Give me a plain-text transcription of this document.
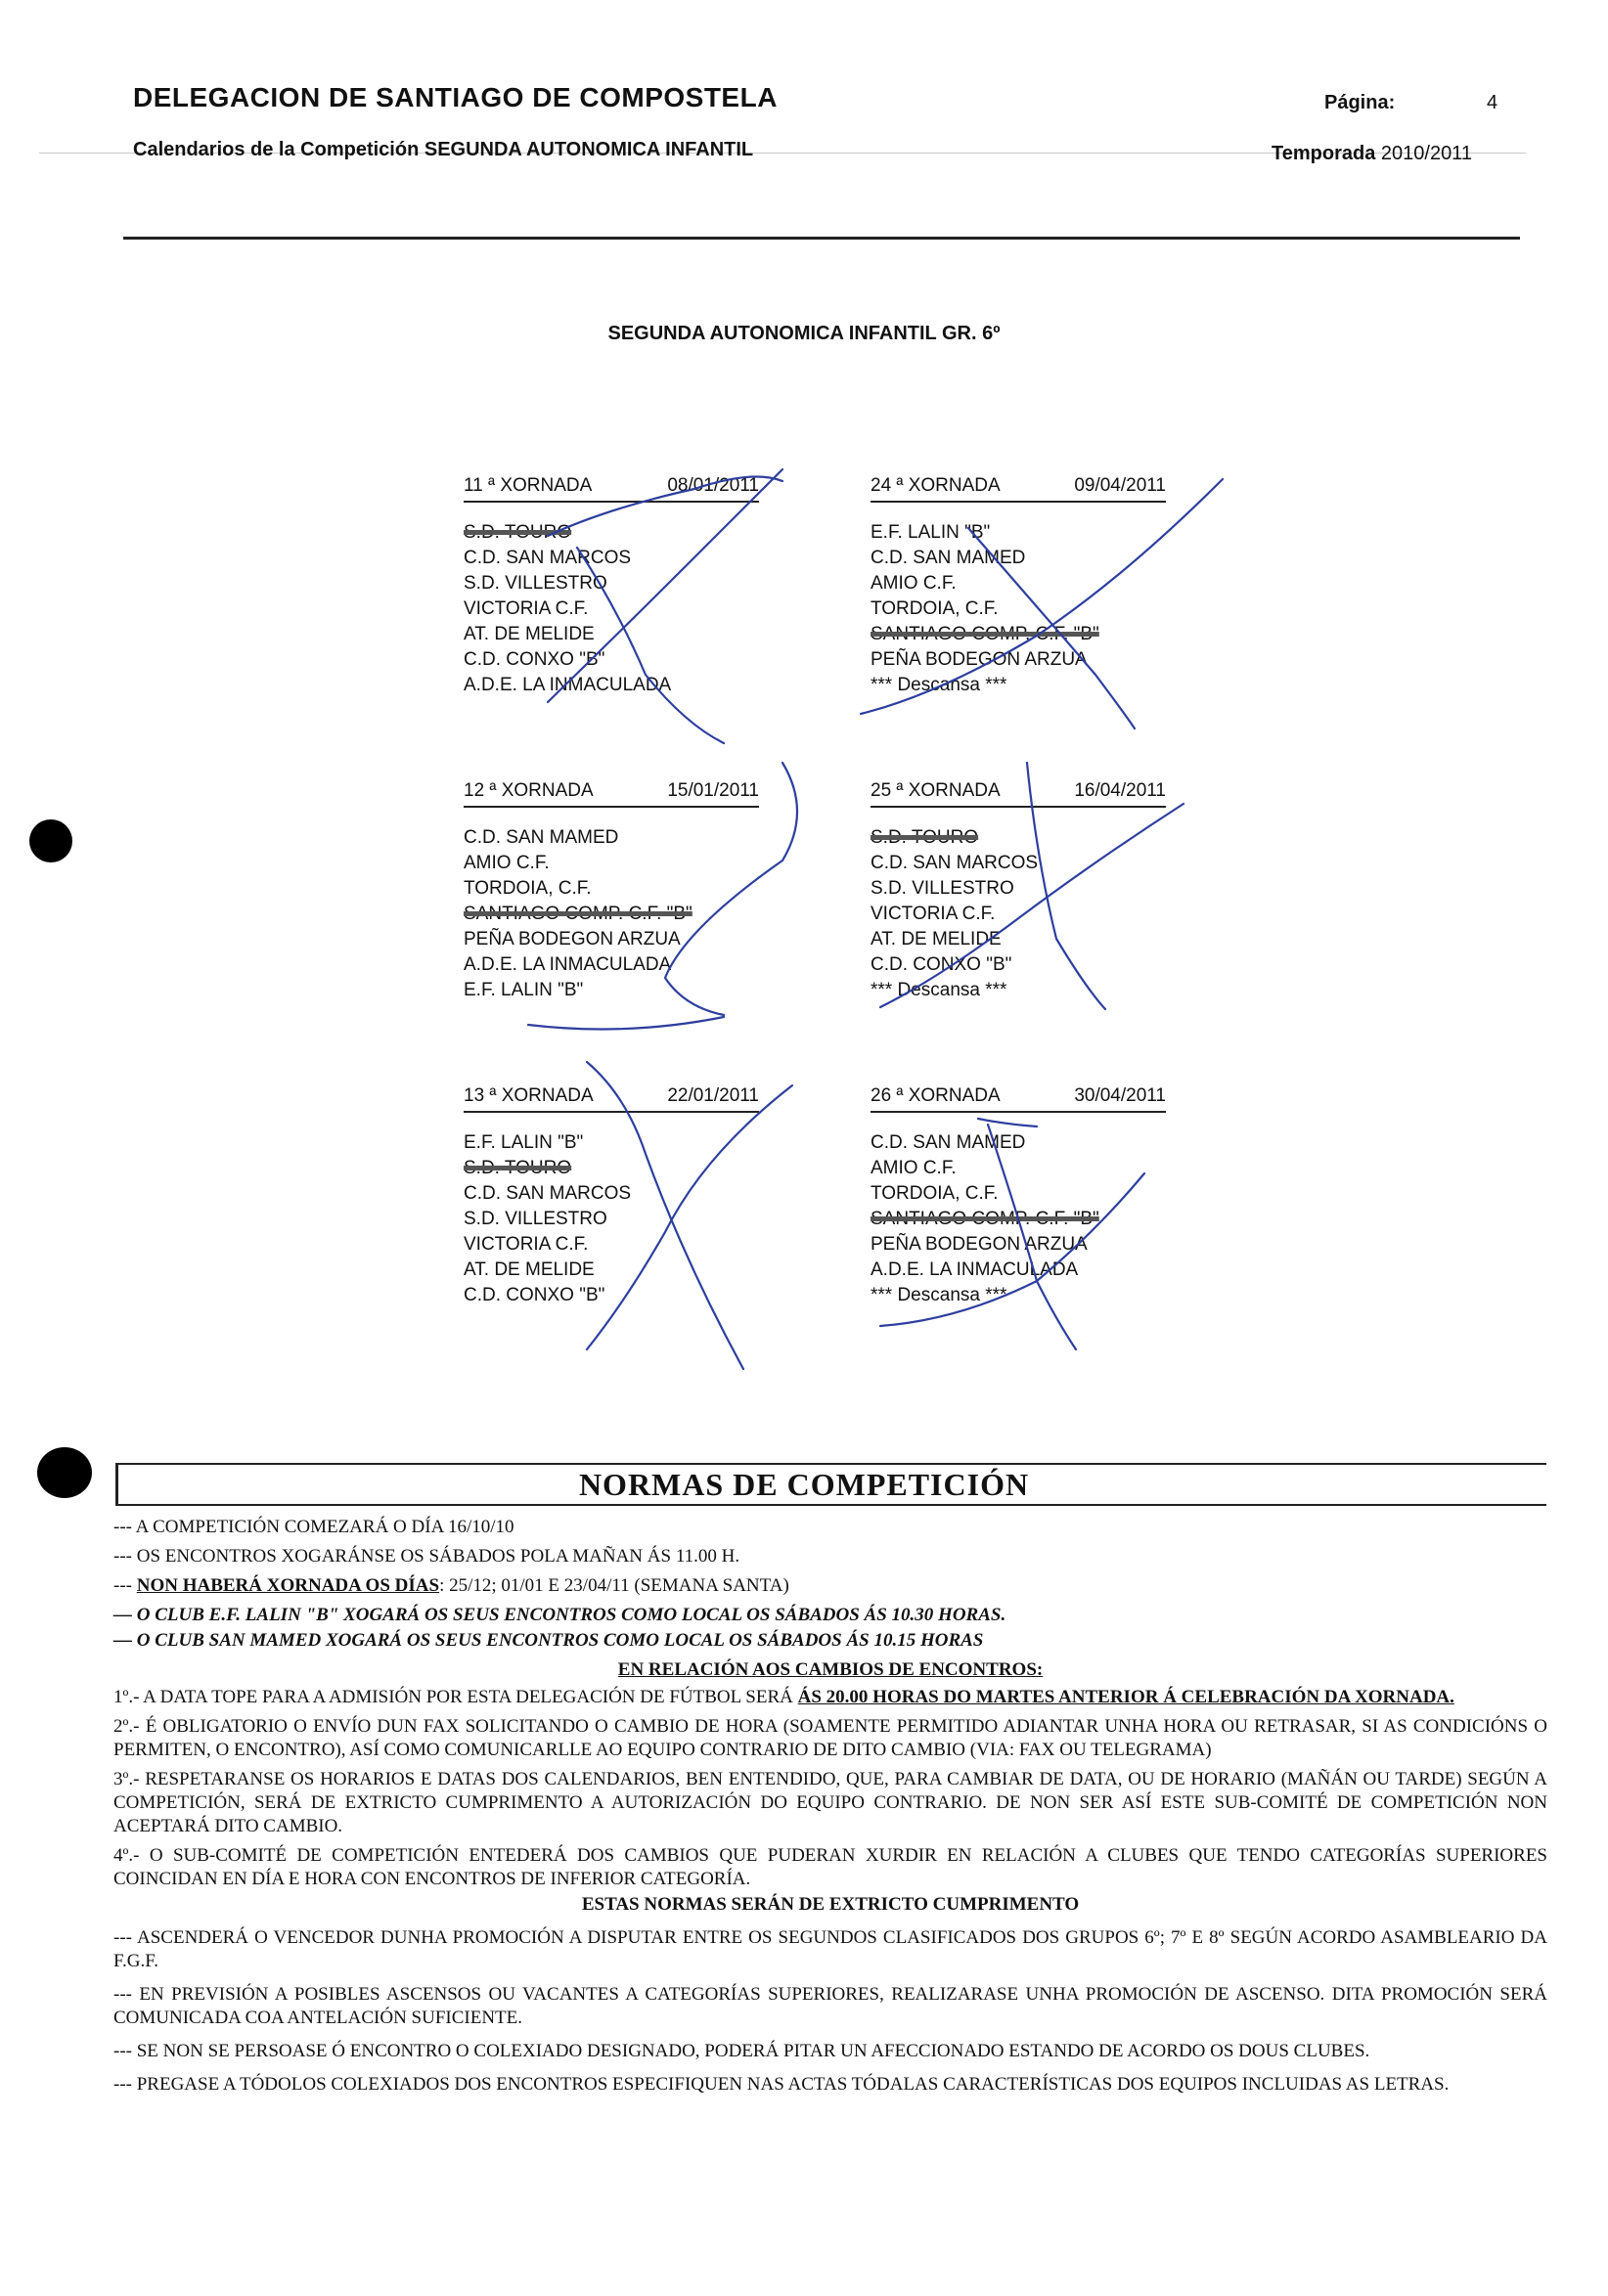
DELEGACION DE SANTIAGO DE COMPOSTELA	Página:	4
Calendarios de la Competición SEGUNDA AUTONOMICA INFANTIL	Temporada 2010/2011
SEGUNDA AUTONOMICA INFANTIL GR. 6º
11 ª XORNADA	08/01/2011
S.D. TOURO
C.D. SAN MARCOS
S.D. VILLESTRO
VICTORIA C.F.
AT. DE MELIDE
C.D. CONXO "B"
A.D.E. LA INMACULADA
24 ª XORNADA	09/04/2011
E.F. LALIN "B"
C.D. SAN MAMED
AMIO C.F.
TORDOIA, C.F.
SANTIAGO COMP. C.F. "B"
PEÑA BODEGON ARZUA
*** Descansa ***
12 ª XORNADA	15/01/2011
C.D. SAN MAMED
AMIO C.F.
TORDOIA, C.F.
SANTIAGO COMP. C.F. "B"
PEÑA BODEGON ARZUA
A.D.E. LA INMACULADA
E.F. LALIN "B"
25 ª XORNADA	16/04/2011
S.D. TOURO
C.D. SAN MARCOS
S.D. VILLESTRO
VICTORIA C.F.
AT. DE MELIDE
C.D. CONXO "B"
*** Descansa ***
13 ª XORNADA	22/01/2011
E.F. LALIN "B"
S.D. TOURO
C.D. SAN MARCOS
S.D. VILLESTRO
VICTORIA C.F.
AT. DE MELIDE
C.D. CONXO "B"
26 ª XORNADA	30/04/2011
C.D. SAN MAMED
AMIO C.F.
TORDOIA, C.F.
SANTIAGO COMP. C.F. "B"
PEÑA BODEGON ARZUA
A.D.E. LA INMACULADA
*** Descansa ***
NORMAS DE COMPETICIÓN

--- A COMPETICIÓN COMEZARÁ O DÍA 16/10/10

--- OS ENCONTROS XOGARÁNSE OS SÁBADOS POLA MAÑAN ÁS 11.00 H.

--- NON HABERÁ XORNADA OS DÍAS: 25/12; 01/01 E 23/04/11 (SEMANA SANTA)

— O CLUB E.F. LALIN "B" XOGARÁ OS SEUS ENCONTROS COMO LOCAL OS SÁBADOS ÁS 10.30 HORAS.

— O CLUB SAN MAMED XOGARÁ OS SEUS ENCONTROS COMO LOCAL OS SÁBADOS ÁS 10.15 HORAS

EN RELACIÓN AOS CAMBIOS DE ENCONTROS:

1º.- A DATA TOPE PARA A ADMISIÓN POR ESTA DELEGACIÓN DE FÚTBOL SERÁ ÁS 20.00 HORAS DO MARTES ANTERIOR Á CELEBRACIÓN DA XORNADA.

2º.- É OBLIGATORIO O ENVÍO DUN FAX SOLICITANDO O CAMBIO DE HORA (SOAMENTE PERMITIDO ADIANTAR UNHA HORA OU RETRASAR, SI AS CONDICIÓNS O PERMITEN, O ENCONTRO), ASÍ COMO COMUNICARLLE AO EQUIPO CONTRARIO DE DITO CAMBIO (VIA: FAX OU TELEGRAMA)

3º.- RESPETARANSE OS HORARIOS E DATAS DOS CALENDARIOS, BEN ENTENDIDO, QUE, PARA CAMBIAR DE DATA, OU DE HORARIO (MAÑÁN OU TARDE) SEGÚN A COMPETICIÓN, SERÁ DE EXTRICTO CUMPRIMENTO A AUTORIZACIÓN DO EQUIPO CONTRARIO. DE NON SER ASÍ ESTE SUB-COMITÉ DE COMPETICIÓN NON ACEPTARÁ DITO CAMBIO.

4º.- O SUB-COMITÉ DE COMPETICIÓN ENTEDERÁ DOS CAMBIOS QUE PUDERAN XURDIR EN RELACIÓN A CLUBES QUE TENDO CATEGORÍAS SUPERIORES COINCIDAN EN DÍA E HORA CON ENCONTROS DE INFERIOR CATEGORÍA.

ESTAS NORMAS SERÁN DE EXTRICTO CUMPRIMENTO

--- ASCENDERÁ O VENCEDOR DUNHA PROMOCIÓN A DISPUTAR ENTRE OS SEGUNDOS CLASIFICADOS DOS GRUPOS 6º; 7º E 8º SEGÚN ACORDO ASAMBLEARIO DA F.G.F.

--- EN PREVISIÓN A POSIBLES ASCENSOS OU VACANTES A CATEGORÍAS SUPERIORES, REALIZARASE UNHA PROMOCIÓN DE ASCENSO. DITA PROMOCIÓN SERÁ COMUNICADA COA ANTELACIÓN SUFICIENTE.

--- SE NON SE PERSOASE Ó ENCONTRO O COLEXIADO DESIGNADO, PODERÁ PITAR UN AFECCIONADO ESTANDO DE ACORDO OS DOUS CLUBES.

--- PREGASE A TÓDOLOS COLEXIADOS DOS ENCONTROS ESPECIFIQUEN NAS ACTAS TÓDALAS CARACTERÍSTICAS DOS EQUIPOS INCLUIDAS AS LETRAS.
